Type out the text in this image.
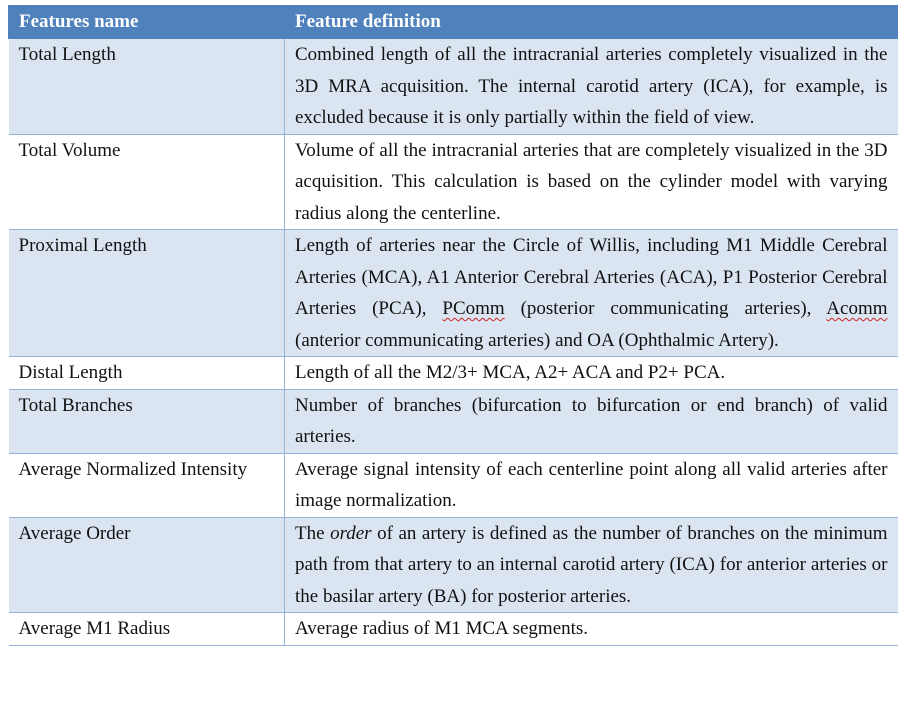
Features name	Feature definition
Total Length	Combined length of all the intracranial arteries completely visualized in the 3D MRA acquisition. The internal carotid artery (ICA), for example, is excluded because it is only partially within the field of view.
Total Volume	Volume of all the intracranial arteries that are completely visualized in the 3D acquisition. This calculation is based on the cylinder model with varying radius along the centerline.
Proximal Length	Length of arteries near the Circle of Willis, including M1 Middle Cerebral Arteries (MCA), A1 Anterior Cerebral Arteries (ACA), P1 Posterior Cerebral Arteries (PCA), PComm (posterior communicating arteries), Acomm (anterior communicating arteries) and OA (Ophthalmic Artery).
Distal Length	Length of all the M2/3+ MCA, A2+ ACA and P2+ PCA.
Total Branches	Number of branches (bifurcation to bifurcation or end branch) of valid arteries.
Average Normalized Intensity	Average signal intensity of each centerline point along all valid arteries after image normalization.
Average Order	The order of an artery is defined as the number of branches on the minimum path from that artery to an internal carotid artery (ICA) for anterior arteries or the basilar artery (BA) for posterior arteries.
Average M1 Radius	Average radius of M1 MCA segments.
